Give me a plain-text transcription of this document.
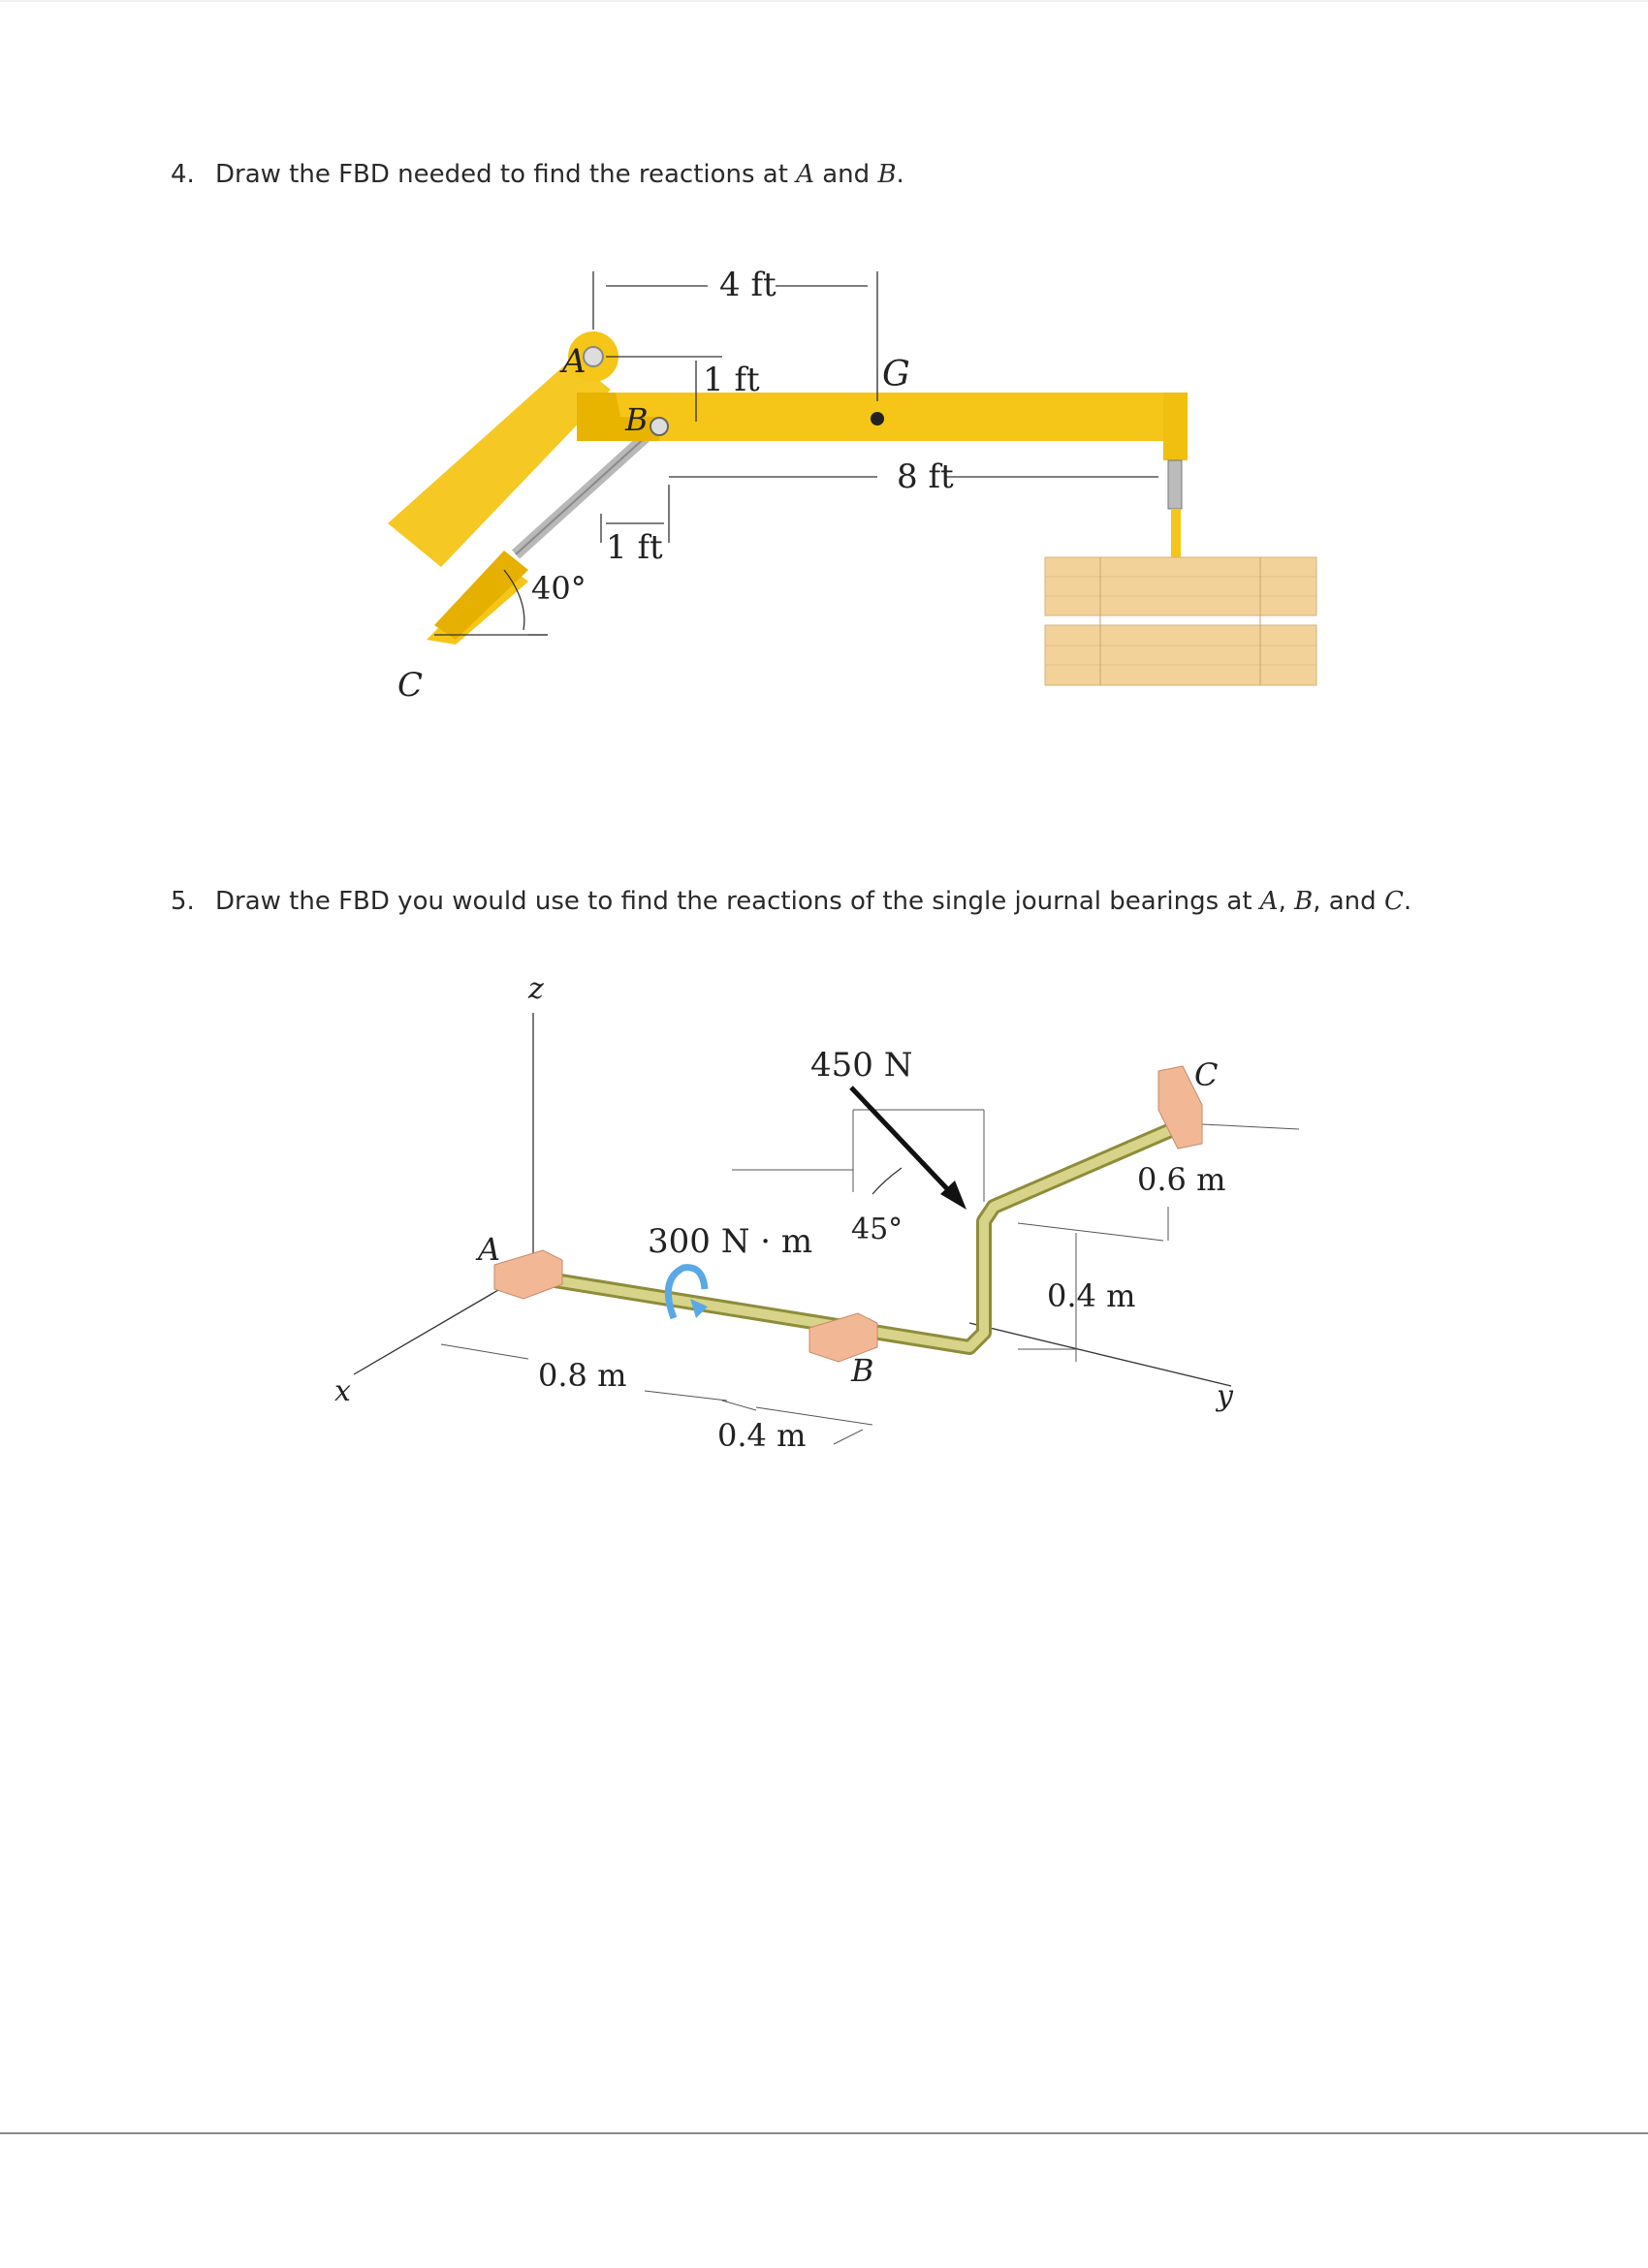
4. Draw the FBD needed to find the reactions at A and B.
4 ft
1 ft
8 ft
1 ft
40°
A
B
G
C
5. Draw the FBD you would use to find the reactions of the single journal bearings at A, B, and C.
z
x	y
A
B
C
450 N
300 N · m 45°
0.8 m
0.4 m
0.6 m
0.4 m
